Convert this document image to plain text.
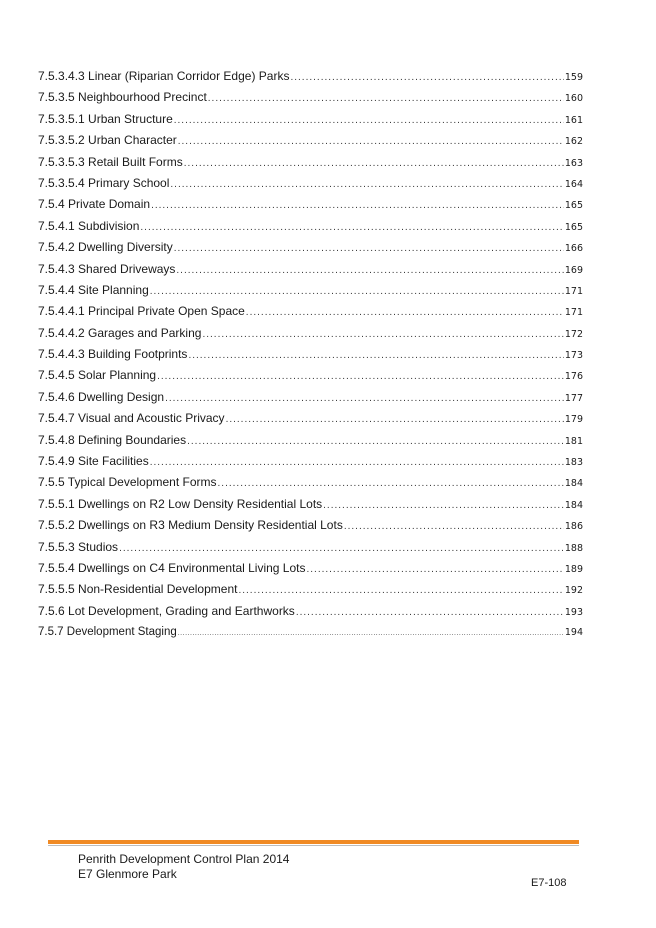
7.5.3.4.3 Linear (Riparian Corridor Edge) Parks .....	159
7.5.3.5 Neighbourhood Precinct .....	160
7.5.3.5.1 Urban Structure .....	161
7.5.3.5.2 Urban Character .....	162
7.5.3.5.3 Retail Built Forms .....	163
7.5.3.5.4 Primary School .....	164
7.5.4 Private Domain .....	165
7.5.4.1 Subdivision .....	165
7.5.4.2 Dwelling Diversity .....	166
7.5.4.3 Shared Driveways .....	169
7.5.4.4 Site Planning .....	171
7.5.4.4.1 Principal Private Open Space .....	171
7.5.4.4.2 Garages and Parking .....	172
7.5.4.4.3 Building Footprints .....	173
7.5.4.5 Solar Planning .....	176
7.5.4.6 Dwelling Design .....	177
7.5.4.7 Visual and Acoustic Privacy .....	179
7.5.4.8 Defining Boundaries .....	181
7.5.4.9 Site Facilities .....	183
7.5.5 Typical Development Forms .....	184
7.5.5.1 Dwellings on R2 Low Density Residential Lots .....	184
7.5.5.2 Dwellings on R3 Medium Density Residential Lots .....	186
7.5.5.3 Studios .....	188
7.5.5.4 Dwellings on C4 Environmental Living Lots .....	189
7.5.5.5 Non-Residential Development .....	192
7.5.6 Lot Development, Grading and Earthworks .....	193
7.5.7 Development Staging .....	194
Penrith Development Control Plan 2014
E7 Glenmore Park
E7-108
